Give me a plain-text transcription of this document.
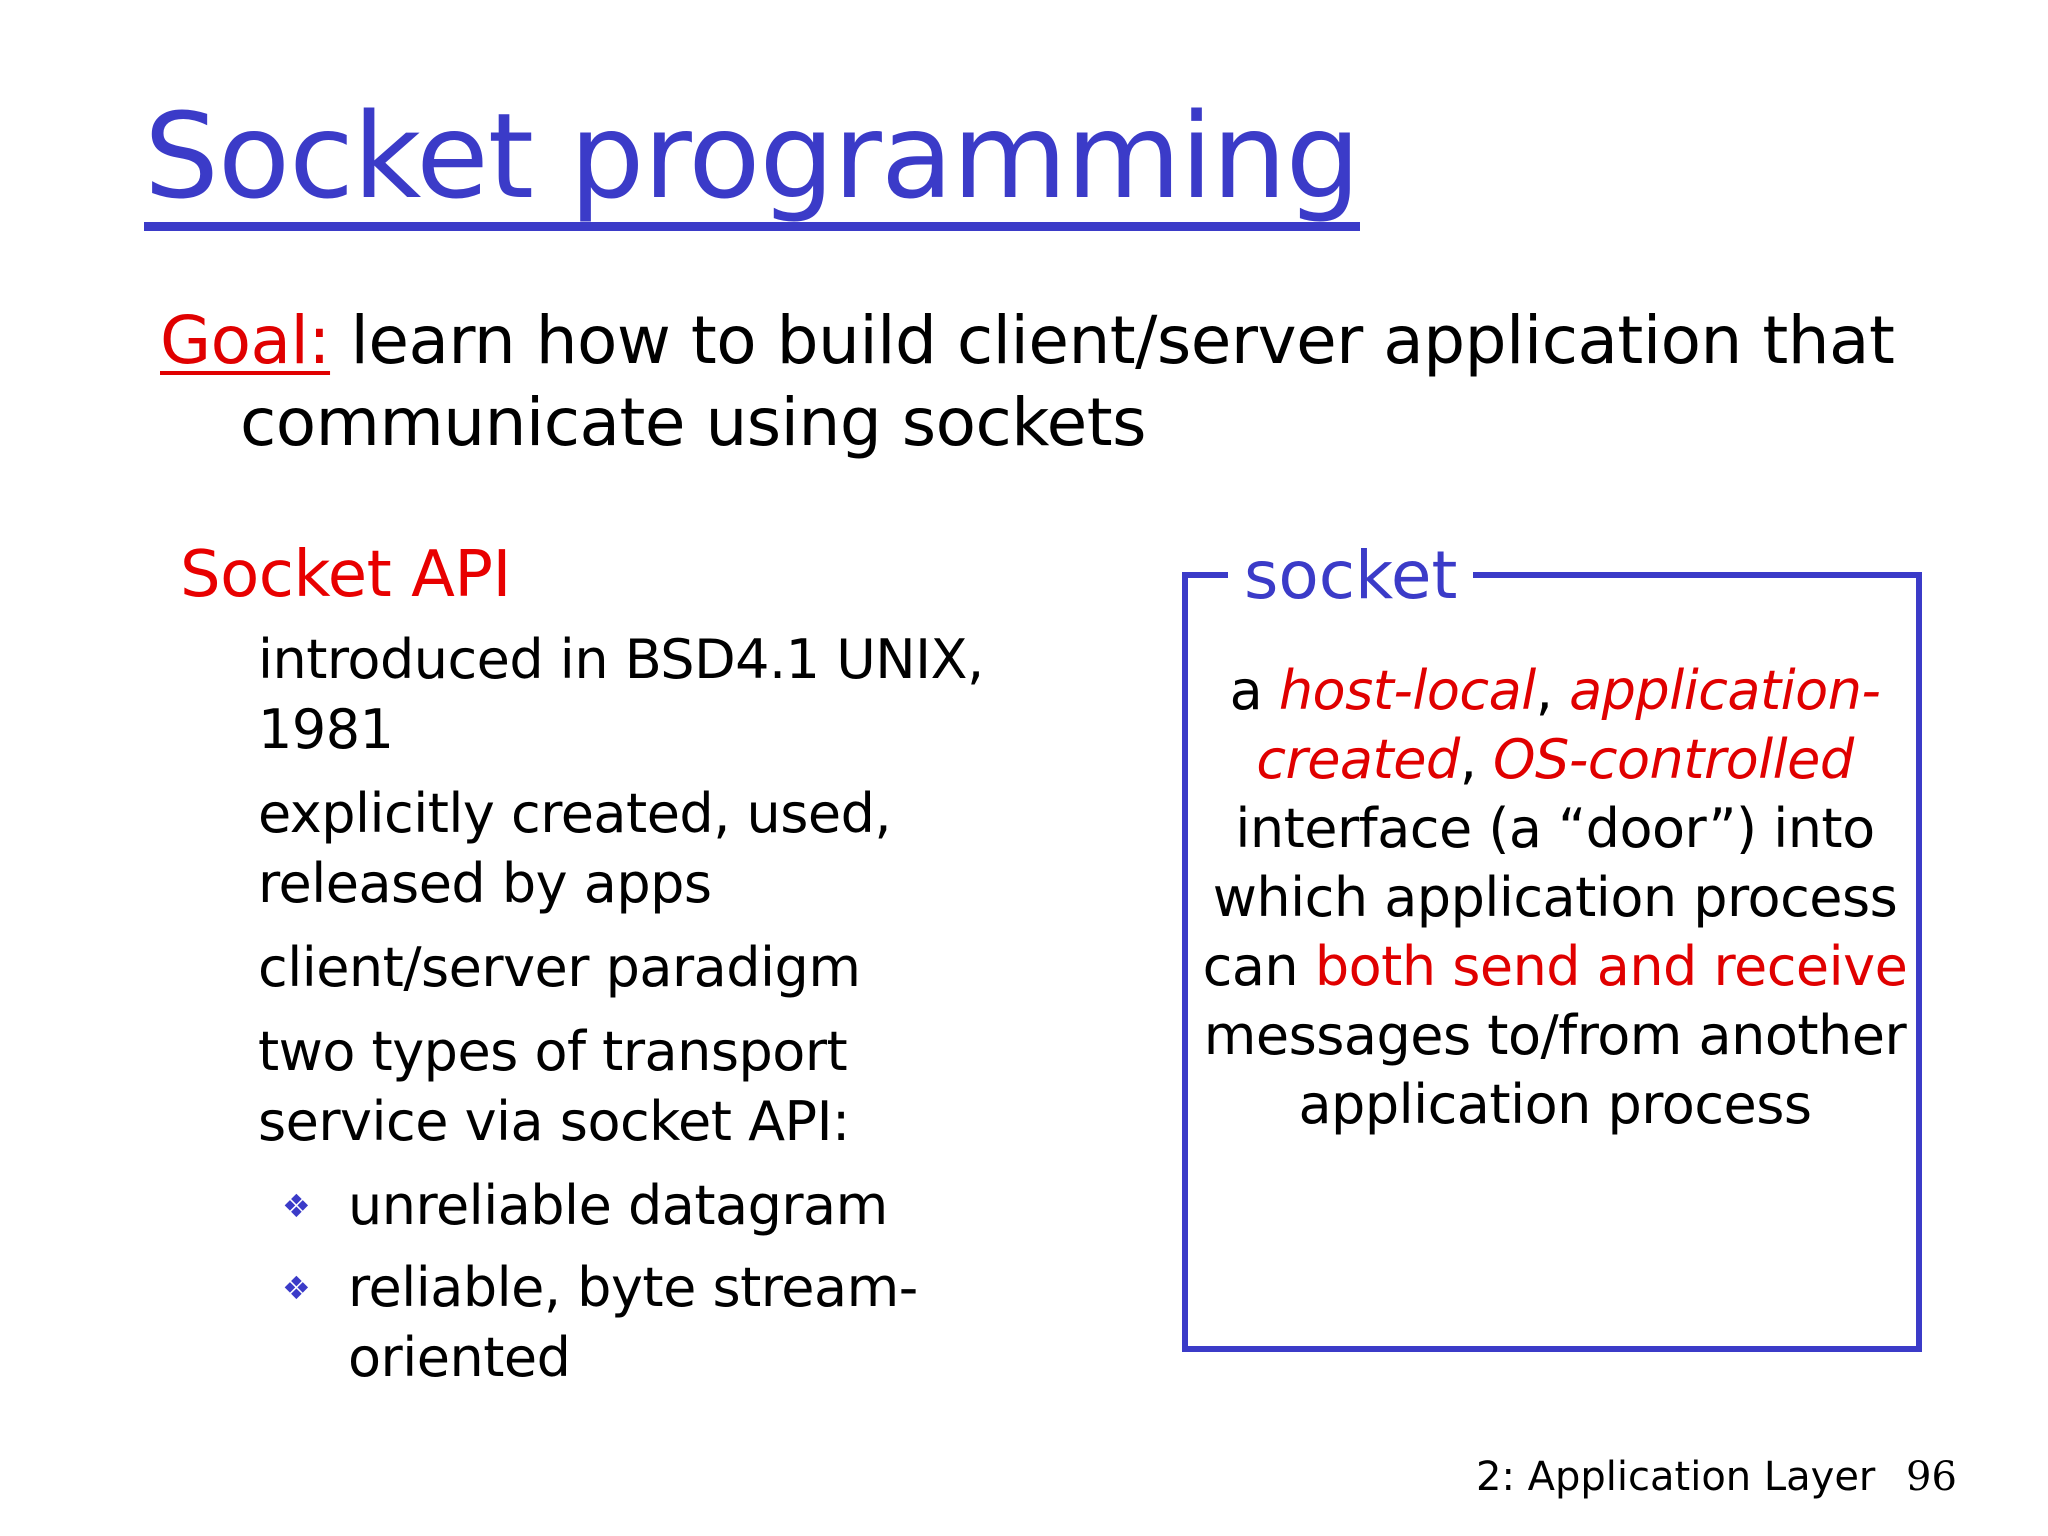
Socket programming

Goal: learn how to build client/server application that communicate using sockets

Socket API
introduced in BSD4.1 UNIX, 1981
explicitly created, used, released by apps
client/server paradigm
two types of transport service via socket API:
❖ unreliable datagram
❖ reliable, byte stream-oriented
socket

a host-local, application-created, OS-controlled interface (a “door”) into which application process can both send and receive messages to/from another application process

2: Application Layer 96
